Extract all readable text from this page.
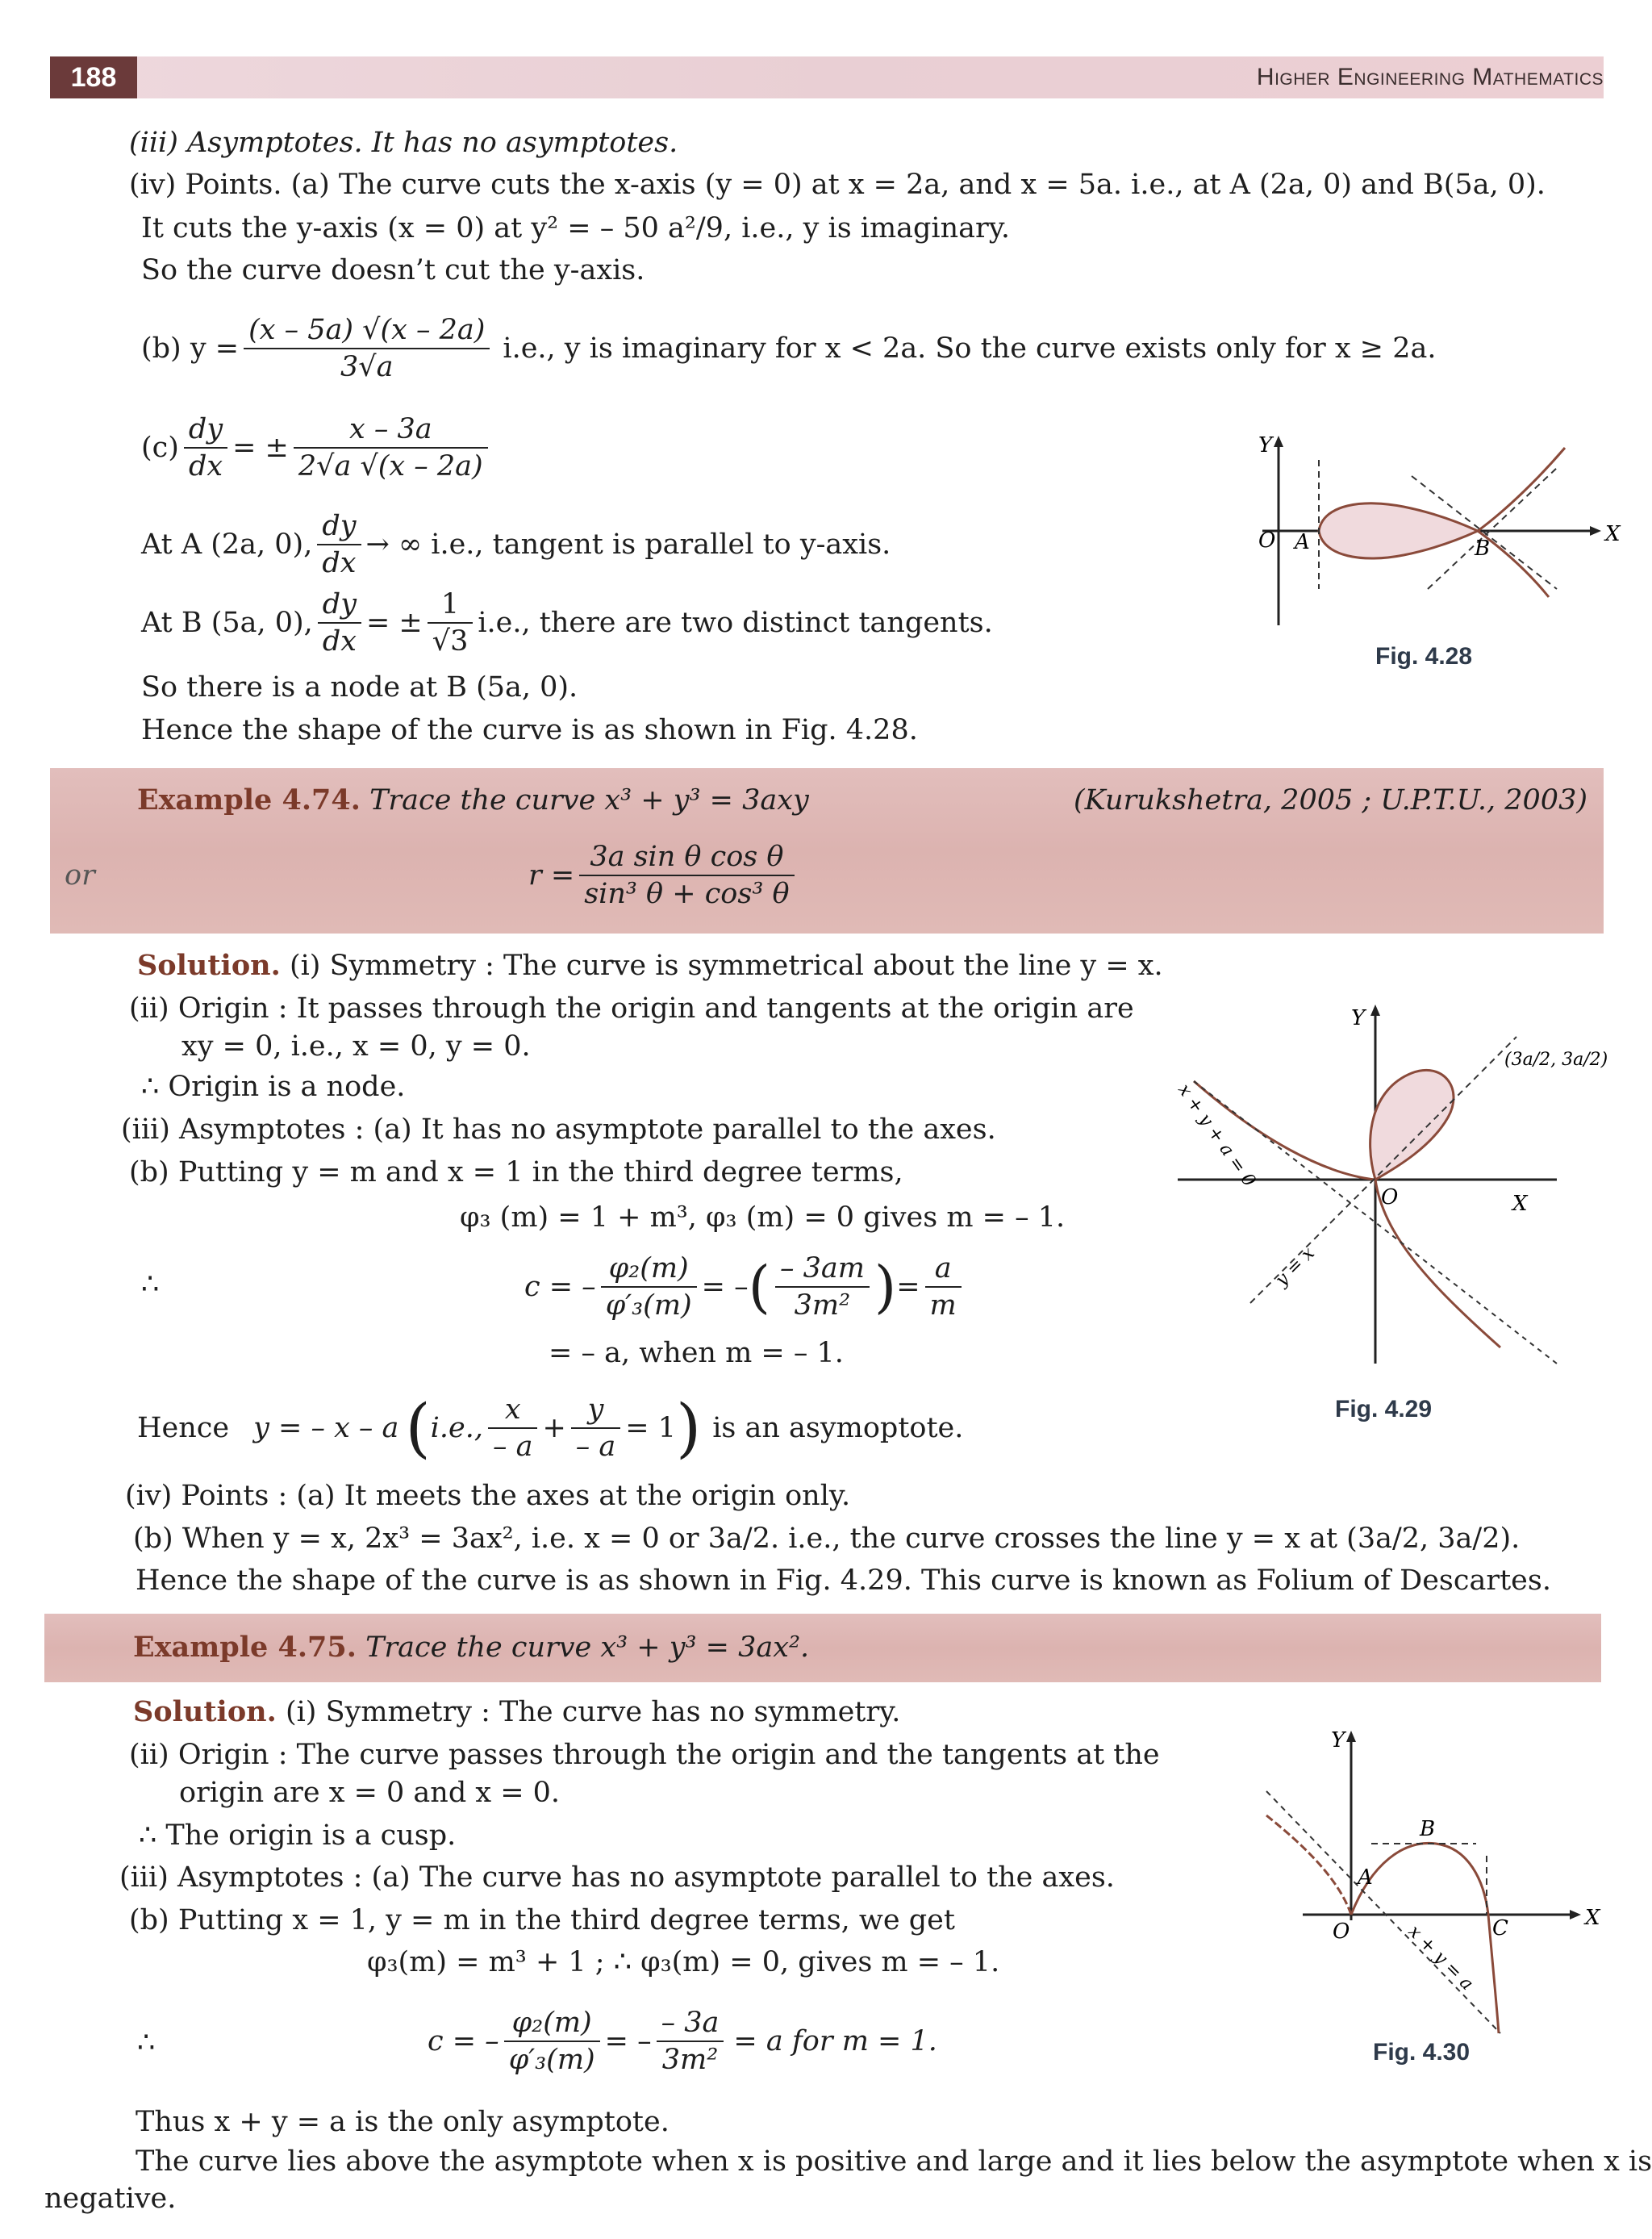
188	Higher Engineering Mathematics
(iii) Asymptotes. It has no asymptotes.
(iv) Points. (a) The curve cuts the x-axis (y = 0) at x = 2a, and x = 5a. i.e., at A (2a, 0) and B(5a, 0).
It cuts the y-axis (x = 0) at y² = – 50 a²/9, i.e., y is imaginary.
So the curve doesn’t cut the y-axis.
(b) $y = \frac{(x - 5a) √(x - 2a)}{3√a} i.e$., y is imaginary for x < 2a. So the curve exists only for x ≥ 2a.
$(c) \frac{dy}{dx}$ = ± $\frac{x - 3a}{2√a √(x - 2a)}$
At A (2a, 0), $\frac{dy}{dx}$ → ∞ i.e., tangent is parallel to y-axis.
At B (5a, 0), $\frac{dy}{dx}$ = ± $\frac{1}{√3} i.e$., there are two distinct tangents.
So there is a node at B (5a, 0).
Hence the shape of the curve is as shown in Fig. 4.28.
Y
X
O A	B
Fig. 4.28
Example 4.74. Trace the curve x³ + y³ = 3axy	(Kurukshetra, 2005 ; U.P.T.U., 2003)
or	$r = \frac{\text{3a sin θ cos θ}}{\text{sin³ θ + cos³ θ}}$
Solution. (i) Symmetry : The curve is symmetrical about the line y = x.
(ii) Origin : It passes through the origin and tangents at the origin are
xy = 0, i.e., x = 0, y = 0.
∴ Origin is a node.
(iii) Asymptotes : (a) It has no asymptote parallel to the axes.
(b) Putting y = m and x = 1 in the third degree terms,
φ₃ (m) = 1 + m³, φ₃ (m) = 0 gives m = – 1.
∴	c = – $\frac{\text{φ₂(m)}}{\text{φ′₃(m)}}$ = – ( $\frac{- 3am}{\text{3m²}}$ ) = $\frac{a}{m}$
= – a, when m = – 1.
Hence y = – x – a ( i.e., $\frac{x}{- a} + \frac{y}{- a} = 1$ ) is an asymoptote.
(iv) Points : (a) It meets the axes at the origin only.
(b) When y = x, 2x³ = 3ax², i.e. x = 0 or 3a/2. i.e., the curve crosses the line y = x at (3a/2, 3a/2).
Hence the shape of the curve is as shown in Fig. 4.29. This curve is known as Folium of Descartes.
Y
X
O
(3a/2, 3a/2)
x + y + a = 0
y = x
Fig. 4.29
Example 4.75. Trace the curve x³ + y³ = 3ax².
Solution. (i) Symmetry : The curve has no symmetry.
(ii) Origin : The curve passes through the origin and the tangents at the
origin are x = 0 and x = 0.
∴ The origin is a cusp.
(iii) Asymptotes : (a) The curve has no asymptote parallel to the axes.
(b) Putting x = 1, y = m in the third degree terms, we get
φ₃(m) = m³ + 1 ; ∴ φ₃(m) = 0, gives m = – 1.
∴	c = – $\frac{\text{φ₂(m)}}{\text{φ′₃(m)}}$ = – $\frac{- 3a}{\text{3m²}} = a$ for m = 1.
Thus x + y = a is the only asymptote.
The curve lies above the asymptote when x is positive and large and it lies below the asymptote when x is
negative.
Y
X
O
A
B
C
x + y = a
Fig. 4.30
